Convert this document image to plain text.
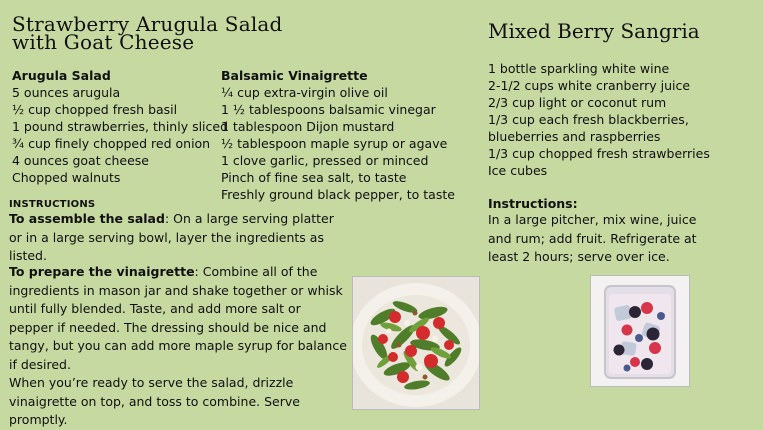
Strawberry Arugula Salad
with Goat Cheese
Arugula Salad
5 ounces arugula
½ cup chopped fresh basil
1 pound strawberries, thinly sliced
¾ cup finely chopped red onion
4 ounces goat cheese
Chopped walnuts
Balsamic Vinaigrette
¼ cup extra-virgin olive oil
1 ½ tablespoons balsamic vinegar
1 tablespoon Dijon mustard
½ tablespoon maple syrup or agave
1 clove garlic, pressed or minced
Pinch of fine sea salt, to taste
Freshly ground black pepper, to taste
INSTRUCTIONS
To assemble the salad: On a large serving platter or in a large serving bowl, layer the ingredients as listed.
To prepare the vinaigrette: Combine all of the ingredients in mason jar and shake together or whisk until fully blended. Taste, and add more salt or pepper if needed. The dressing should be nice and tangy, but you can add more maple syrup for balance if desired.
When you’re ready to serve the salad, drizzle vinaigrette on top, and toss to combine. Serve promptly.
Mixed Berry Sangria
1 bottle sparkling white wine
2-1/2 cups white cranberry juice
2/3 cup light or coconut rum
1/3 cup each fresh blackberries,
blueberries and raspberries
1/3 cup chopped fresh strawberries
Ice cubes
Instructions:
In a large pitcher, mix wine, juice and rum; add fruit. Refrigerate at least 2 hours; serve over ice.
